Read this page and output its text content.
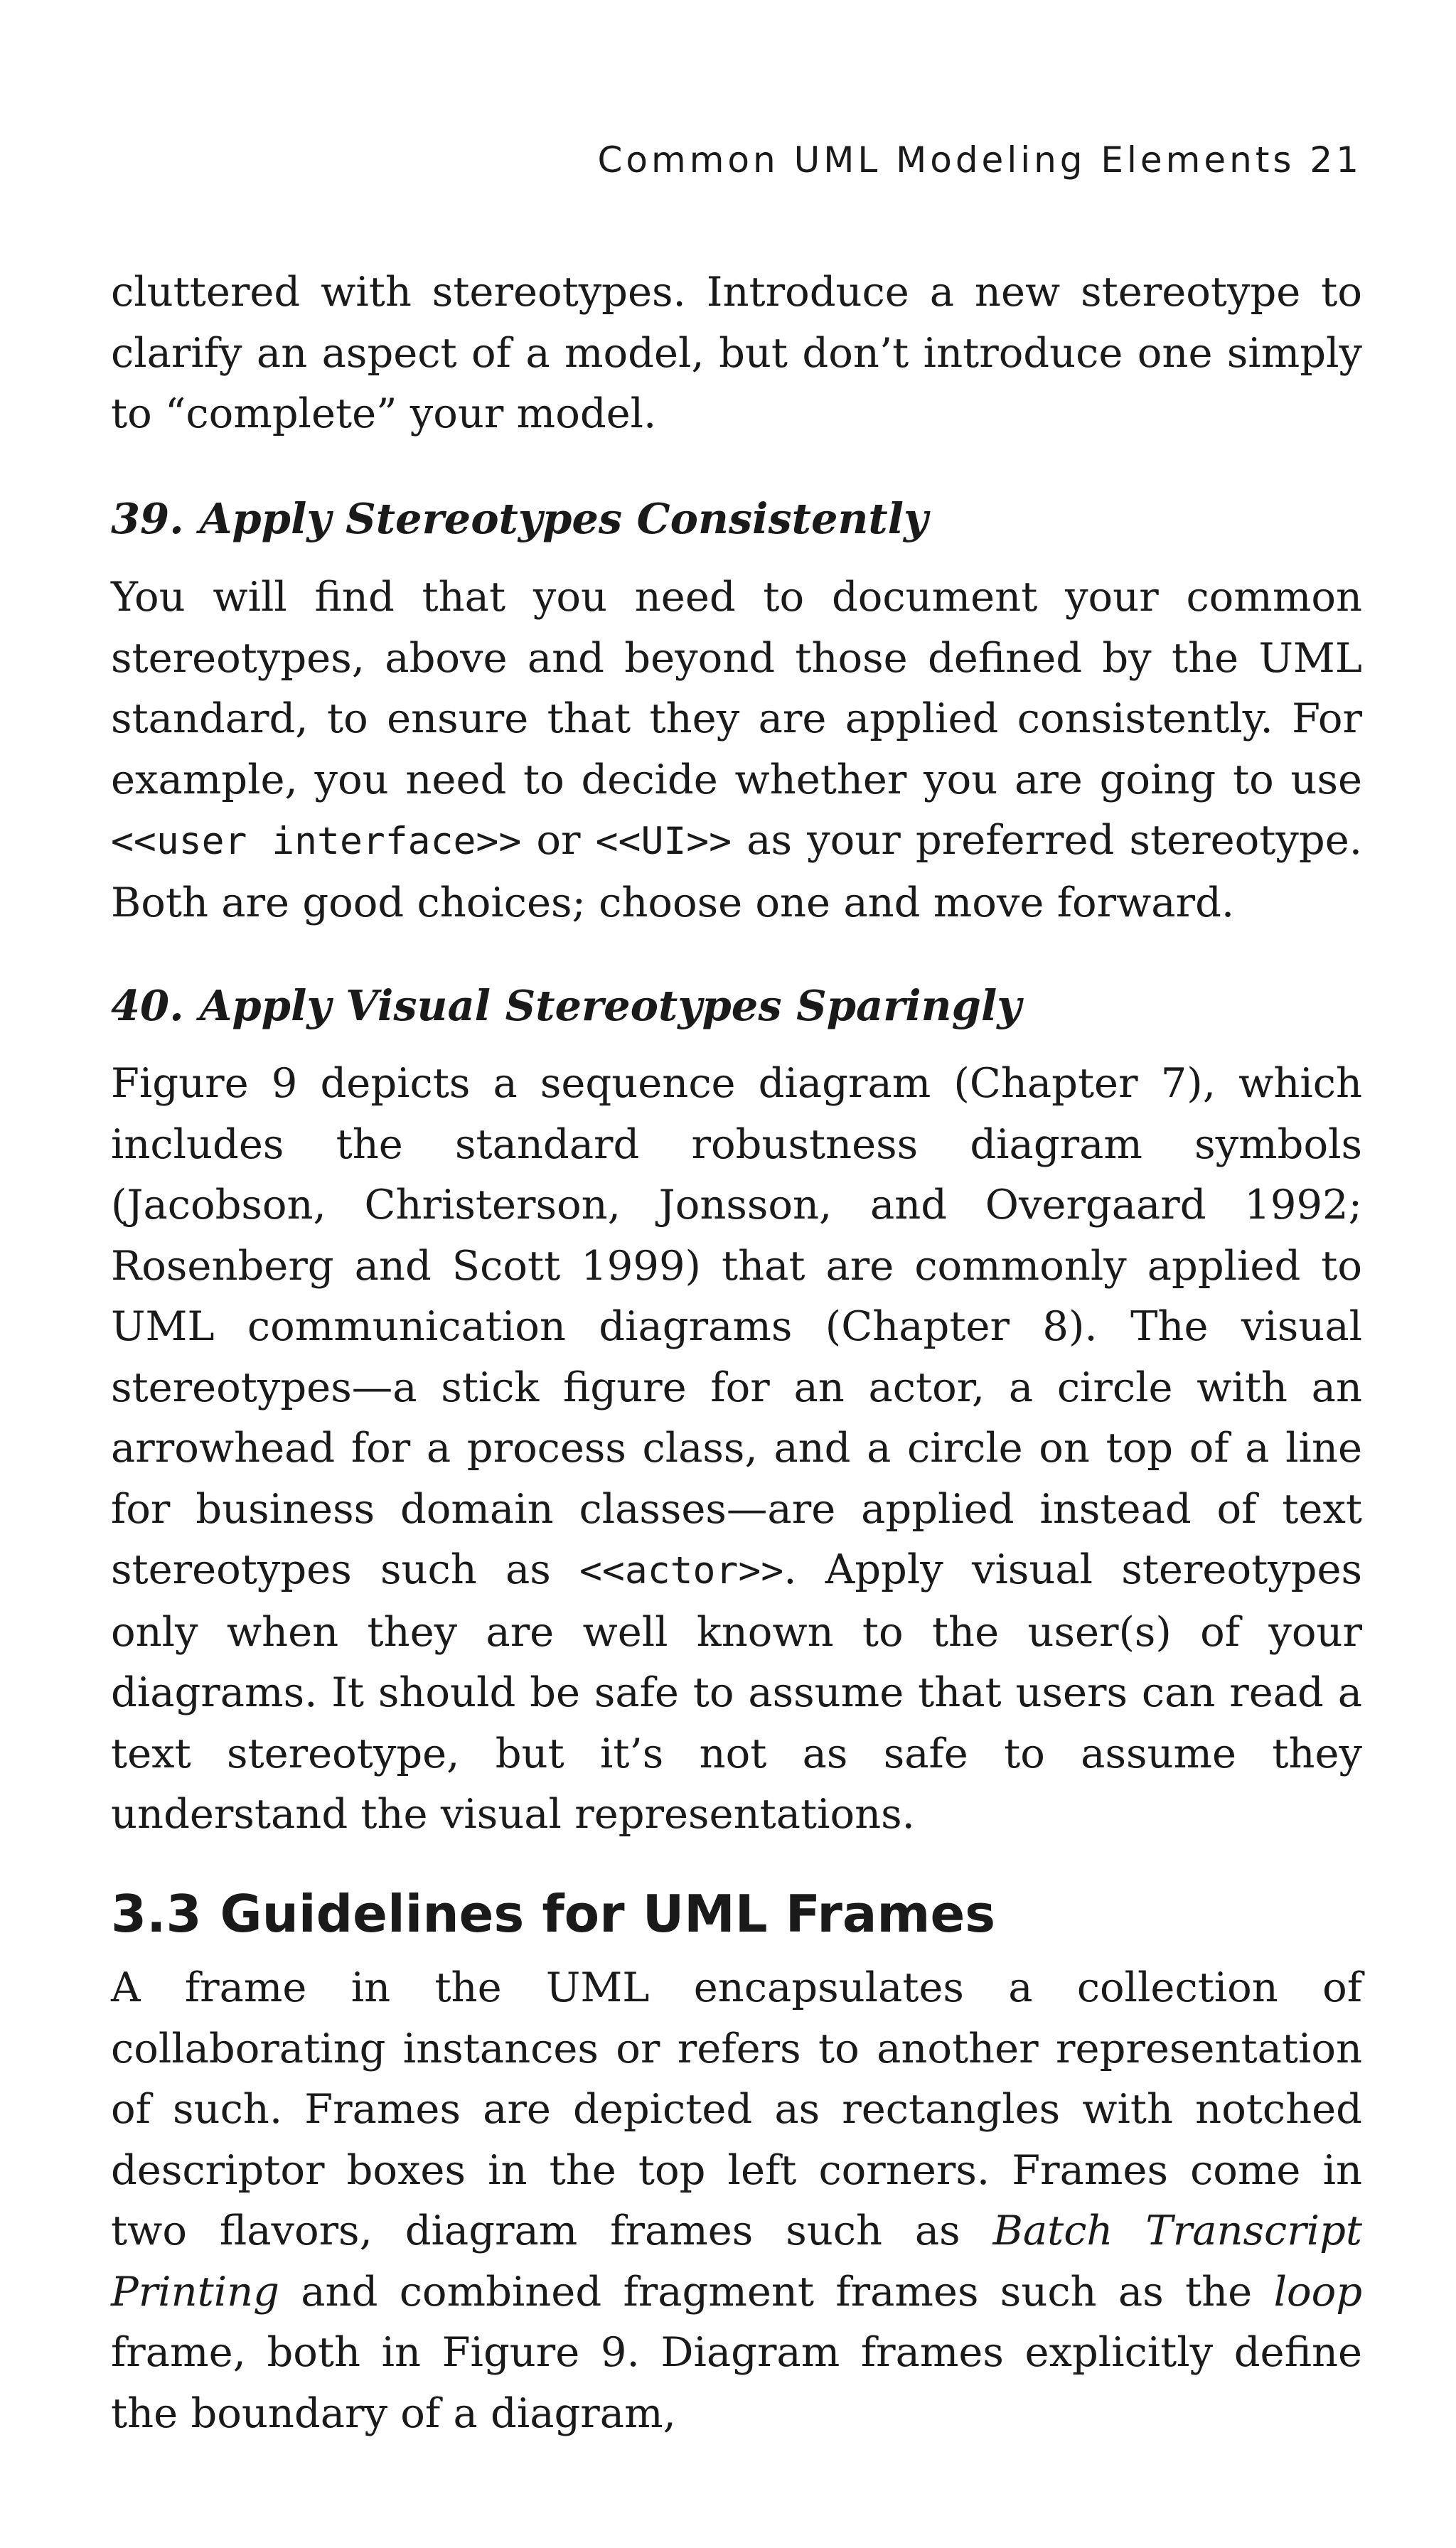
Common UML Modeling Elements 21

cluttered with stereotypes. Introduce a new stereotype to clarify an aspect of a model, but don’t introduce one simply to “complete” your model.

39. Apply Stereotypes Consistently

You will find that you need to document your common stereotypes, above and beyond those defined by the UML standard, to ensure that they are applied consistently. For example, you need to decide whether you are going to use <<user interface>> or <<UI>> as your preferred stereotype. Both are good choices; choose one and move forward.

40. Apply Visual Stereotypes Sparingly

Figure 9 depicts a sequence diagram (Chapter 7), which includes the standard robustness diagram symbols (Jacobson, Christerson, Jonsson, and Overgaard 1992; Rosenberg and Scott 1999) that are commonly applied to UML communication diagrams (Chapter 8). The visual stereotypes—a stick figure for an actor, a circle with an arrowhead for a process class, and a circle on top of a line for business domain classes—are applied instead of text stereotypes such as <<actor>>. Apply visual stereotypes only when they are well known to the user(s) of your diagrams. It should be safe to assume that users can read a text stereotype, but it’s not as safe to assume they understand the visual representations.

3.3 Guidelines for UML Frames

A frame in the UML encapsulates a collection of collaborating instances or refers to another representation of such. Frames are depicted as rectangles with notched descriptor boxes in the top left corners. Frames come in two flavors, diagram frames such as Batch Transcript Printing and combined fragment frames such as the loop frame, both in Figure 9. Diagram frames explicitly define the boundary of a diagram,
